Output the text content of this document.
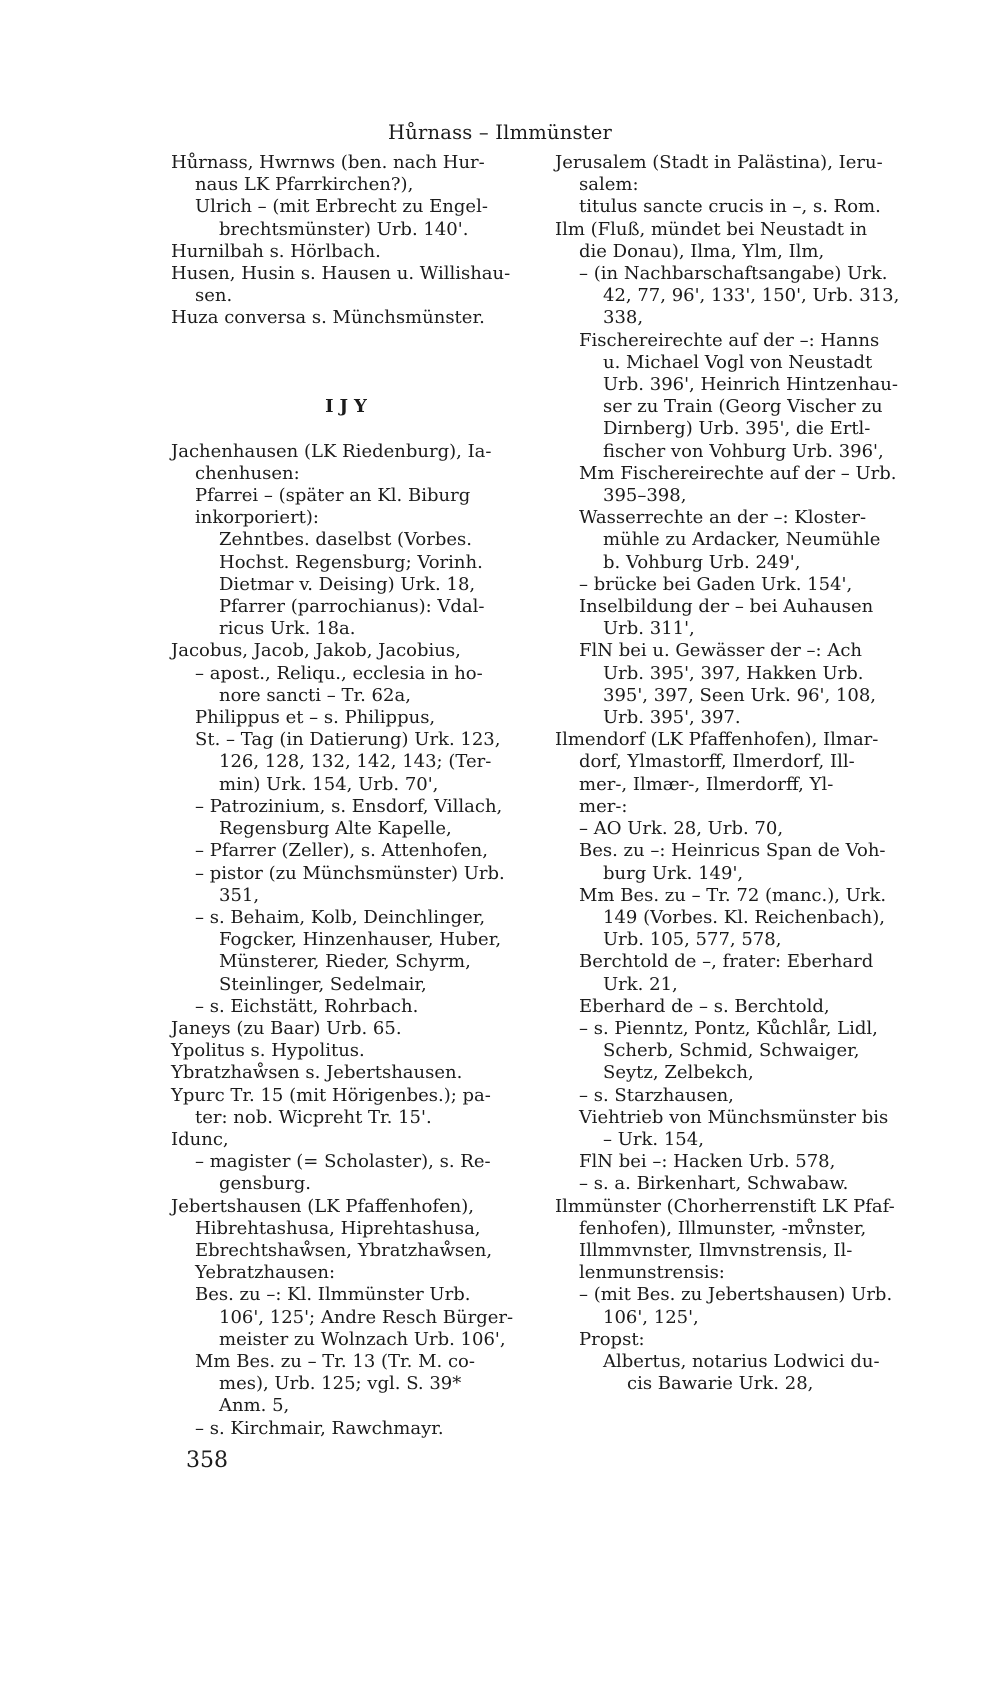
Hůrnass – Ilmmünster
Hůrnass, Hwrnws (ben. nach Hur-
naus LK Pfarrkirchen?),
Ulrich – (mit Erbrecht zu Engel-
brechtsmünster) Urb. 140'.
Hurnilbah s. Hörlbach.
Husen, Husin s. Hausen u. Willishau-
sen.
Huza conversa s. Münchsmünster.

IJY

Jachenhausen (LK Riedenburg), Ia-
chenhusen:
Pfarrei – (später an Kl. Biburg
inkorporiert):
Zehntbes. daselbst (Vorbes.
Hochst. Regensburg; Vorinh.
Dietmar v. Deising) Urk. 18,
Pfarrer (parrochianus): Vdal-
ricus Urk. 18a.
Jacobus, Jacob, Jakob, Jacobius,
– apost., Reliqu., ecclesia in ho-
nore sancti – Tr. 62a,
Philippus et – s. Philippus,
St. – Tag (in Datierung) Urk. 123,
126, 128, 132, 142, 143; (Ter-
min) Urk. 154, Urb. 70',
– Patrozinium, s. Ensdorf, Villach,
Regensburg Alte Kapelle,
– Pfarrer (Zeller), s. Attenhofen,
– pistor (zu Münchsmünster) Urb.
351,
– s. Behaim, Kolb, Deinchlinger,
Fogcker, Hinzenhauser, Huber,
Münsterer, Rieder, Schyrm,
Steinlinger, Sedelmair,
– s. Eichstätt, Rohrbach.
Janeys (zu Baar) Urb. 65.
Ypolitus s. Hypolitus.
Ybratzhaẘsen s. Jebertshausen.
Ypurc Tr. 15 (mit Hörigenbes.); pa-
ter: nob. Wicpreht Tr. 15'.
Idunc,
– magister (= Scholaster), s. Re-
gensburg.
Jebertshausen (LK Pfaffenhofen),
Hibrehtashusa, Hiprehtashusa,
Ebrechtshaẘsen, Ybratzhaẘsen,
Yebratzhausen:
Bes. zu –: Kl. Ilmmünster Urb.
106', 125'; Andre Resch Bürger-
meister zu Wolnzach Urb. 106',
Mm Bes. zu – Tr. 13 (Tr. M. co-
mes), Urb. 125; vgl. S. 39*
Anm. 5,
– s. Kirchmair, Rawchmayr.
Jerusalem (Stadt in Palästina), Ieru-
salem:
titulus sancte crucis in –, s. Rom.
Ilm (Fluß, mündet bei Neustadt in
die Donau), Ilma, Ylm, Ilm,
– (in Nachbarschaftsangabe) Urk.
42, 77, 96', 133', 150', Urb. 313,
338,
Fischereirechte auf der –: Hanns
u. Michael Vogl von Neustadt
Urb. 396', Heinrich Hintzenhau-
ser zu Train (Georg Vischer zu
Dirnberg) Urb. 395', die Ertl-
fischer von Vohburg Urb. 396',
Mm Fischereirechte auf der – Urb.
395–398,
Wasserrechte an der –: Kloster-
mühle zu Ardacker, Neumühle
b. Vohburg Urb. 249',
– brücke bei Gaden Urk. 154',
Inselbildung der – bei Auhausen
Urb. 311',
FlN bei u. Gewässer der –: Ach
Urb. 395', 397, Hakken Urb.
395', 397, Seen Urk. 96', 108,
Urb. 395', 397.
Ilmendorf (LK Pfaffenhofen), Ilmar-
dorf, Ylmastorff, Ilmerdorf, Ill-
mer-, Ilmær-, Ilmerdorff, Yl-
mer-:
– AO Urk. 28, Urb. 70,
Bes. zu –: Heinricus Span de Voh-
burg Urk. 149',
Mm Bes. zu – Tr. 72 (manc.), Urk.
149 (Vorbes. Kl. Reichenbach),
Urb. 105, 577, 578,
Berchtold de –, frater: Eberhard
Urk. 21,
Eberhard de – s. Berchtold,
– s. Pienntz, Pontz, Kůchlår, Lidl,
Scherb, Schmid, Schwaiger,
Seytz, Zelbekch,
– s. Starzhausen,
Viehtrieb von Münchsmünster bis
– Urk. 154,
FlN bei –: Hacken Urb. 578,
– s. a. Birkenhart, Schwabaw.
Ilmmünster (Chorherrenstift LK Pfaf-
fenhofen), Illmunster, -mv̊nster,
Illmmvnster, Ilmvnstrensis, Il-
lenmunstrensis:
– (mit Bes. zu Jebertshausen) Urb.
106', 125',
Propst:
Albertus, notarius Lodwici du-
cis Bawarie Urk. 28,
358
